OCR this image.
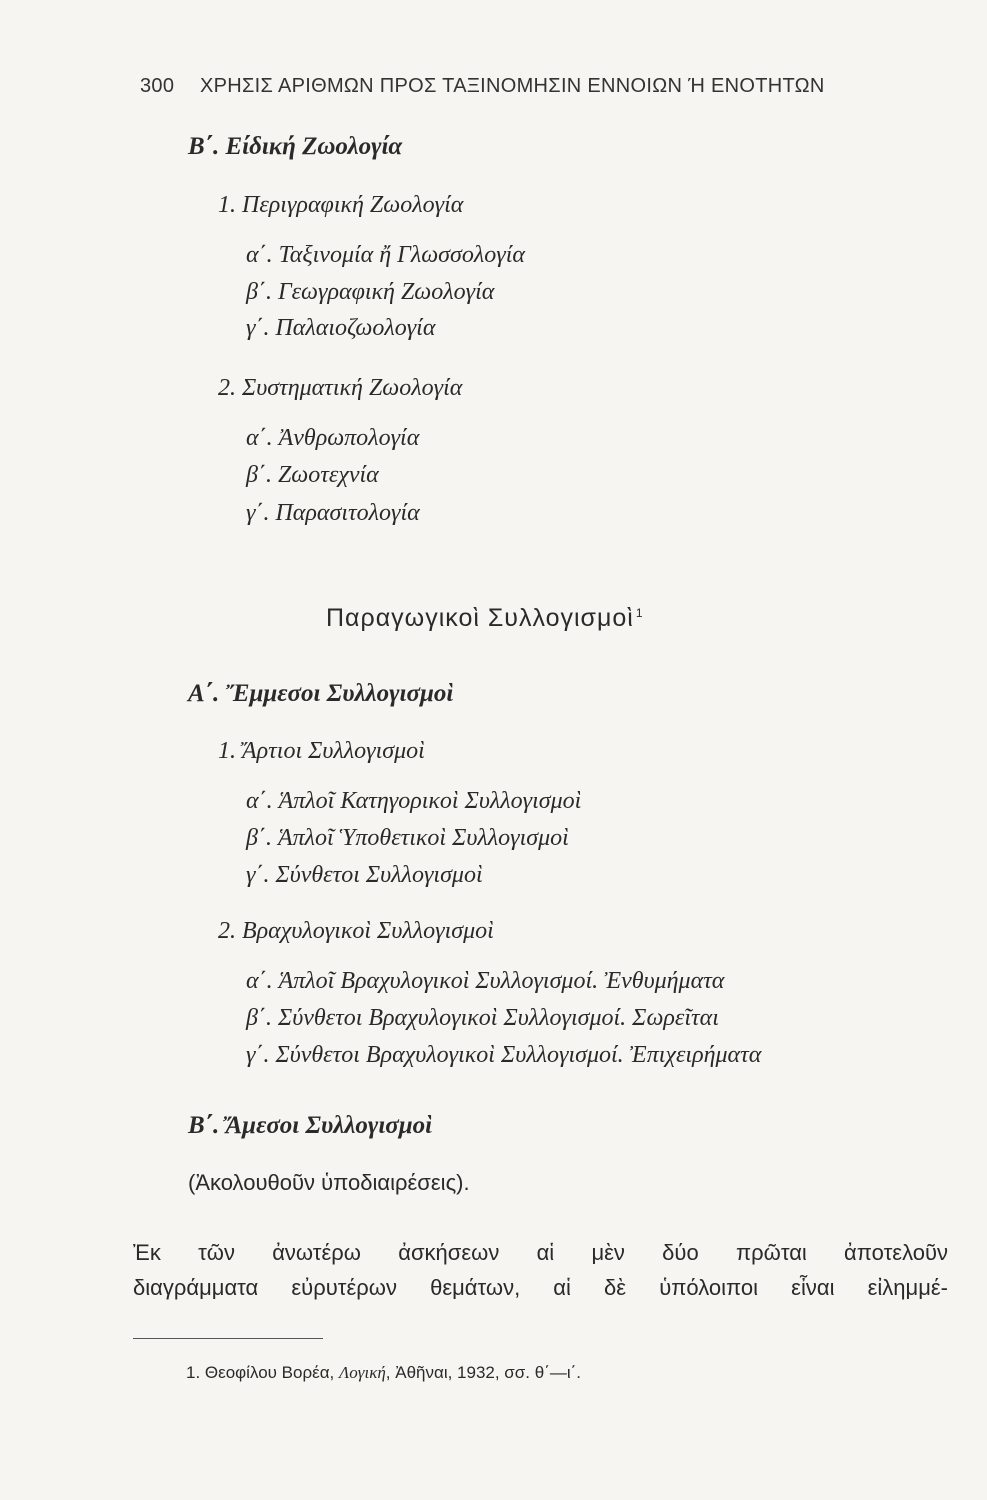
300 ΧΡΗΣΙΣ ΑΡΙΘΜΩΝ ΠΡΟΣ ΤΑΞΙΝΟΜΗΣΙΝ ΕΝΝΟΙΩΝ Ή ΕΝΟΤΗΤΩΝ
Β΄. Είδική Ζωολογία
1. Περιγραφική Ζωολογία
α΄. Ταξινομία ἤ Γλωσσολογία
β΄. Γεωγραφική Ζωολογία
γ΄. Παλαιοζωολογία
2. Συστηματική Ζωολογία
α΄. Ἀνθρωπολογία
β΄. Ζωοτεχνία
γ΄. Παρασιτολογία
Παραγωγικοὶ Συλλογισμοὶ $^1$
Α΄. Ἔμμεσοι Συλλογισμοὶ
1. Ἄρτιοι Συλλογισμοὶ
α΄. Ἁπλοῖ Κατηγορικοὶ Συλλογισμοὶ
β΄. Ἁπλοῖ Ὑποθετικοὶ Συλλογισμοὶ
γ΄. Σύνθετοι Συλλογισμοὶ
2. Βραχυλογικοὶ Συλλογισμοὶ
α΄. Ἁπλοῖ Βραχυλογικοὶ Συλλογισμοί. Ἐνθυμήματα
β΄. Σύνθετοι Βραχυλογικοὶ Συλλογισμοί. Σωρεῖται
γ΄. Σύνθετοι Βραχυλογικοὶ Συλλογισμοί. Ἐπιχειρήματα
Β΄. Ἄμεσοι Συλλογισμοὶ
(Ἀκολουθοῦν ὑποδιαιρέσεις).
Ἐκ τῶν ἀνωτέρω ἀσκήσεων αἱ μὲν δύο πρῶται ἀποτελοῦν
διαγράμματα εὐρυτέρων θεμάτων, αἱ δὲ ὑπόλοιποι εἶναι εἰλημμέ-
1. Θεοφίλου Βορέα, Λογική, Ἀθῆναι, 1932, σσ. θ΄—ι΄.
